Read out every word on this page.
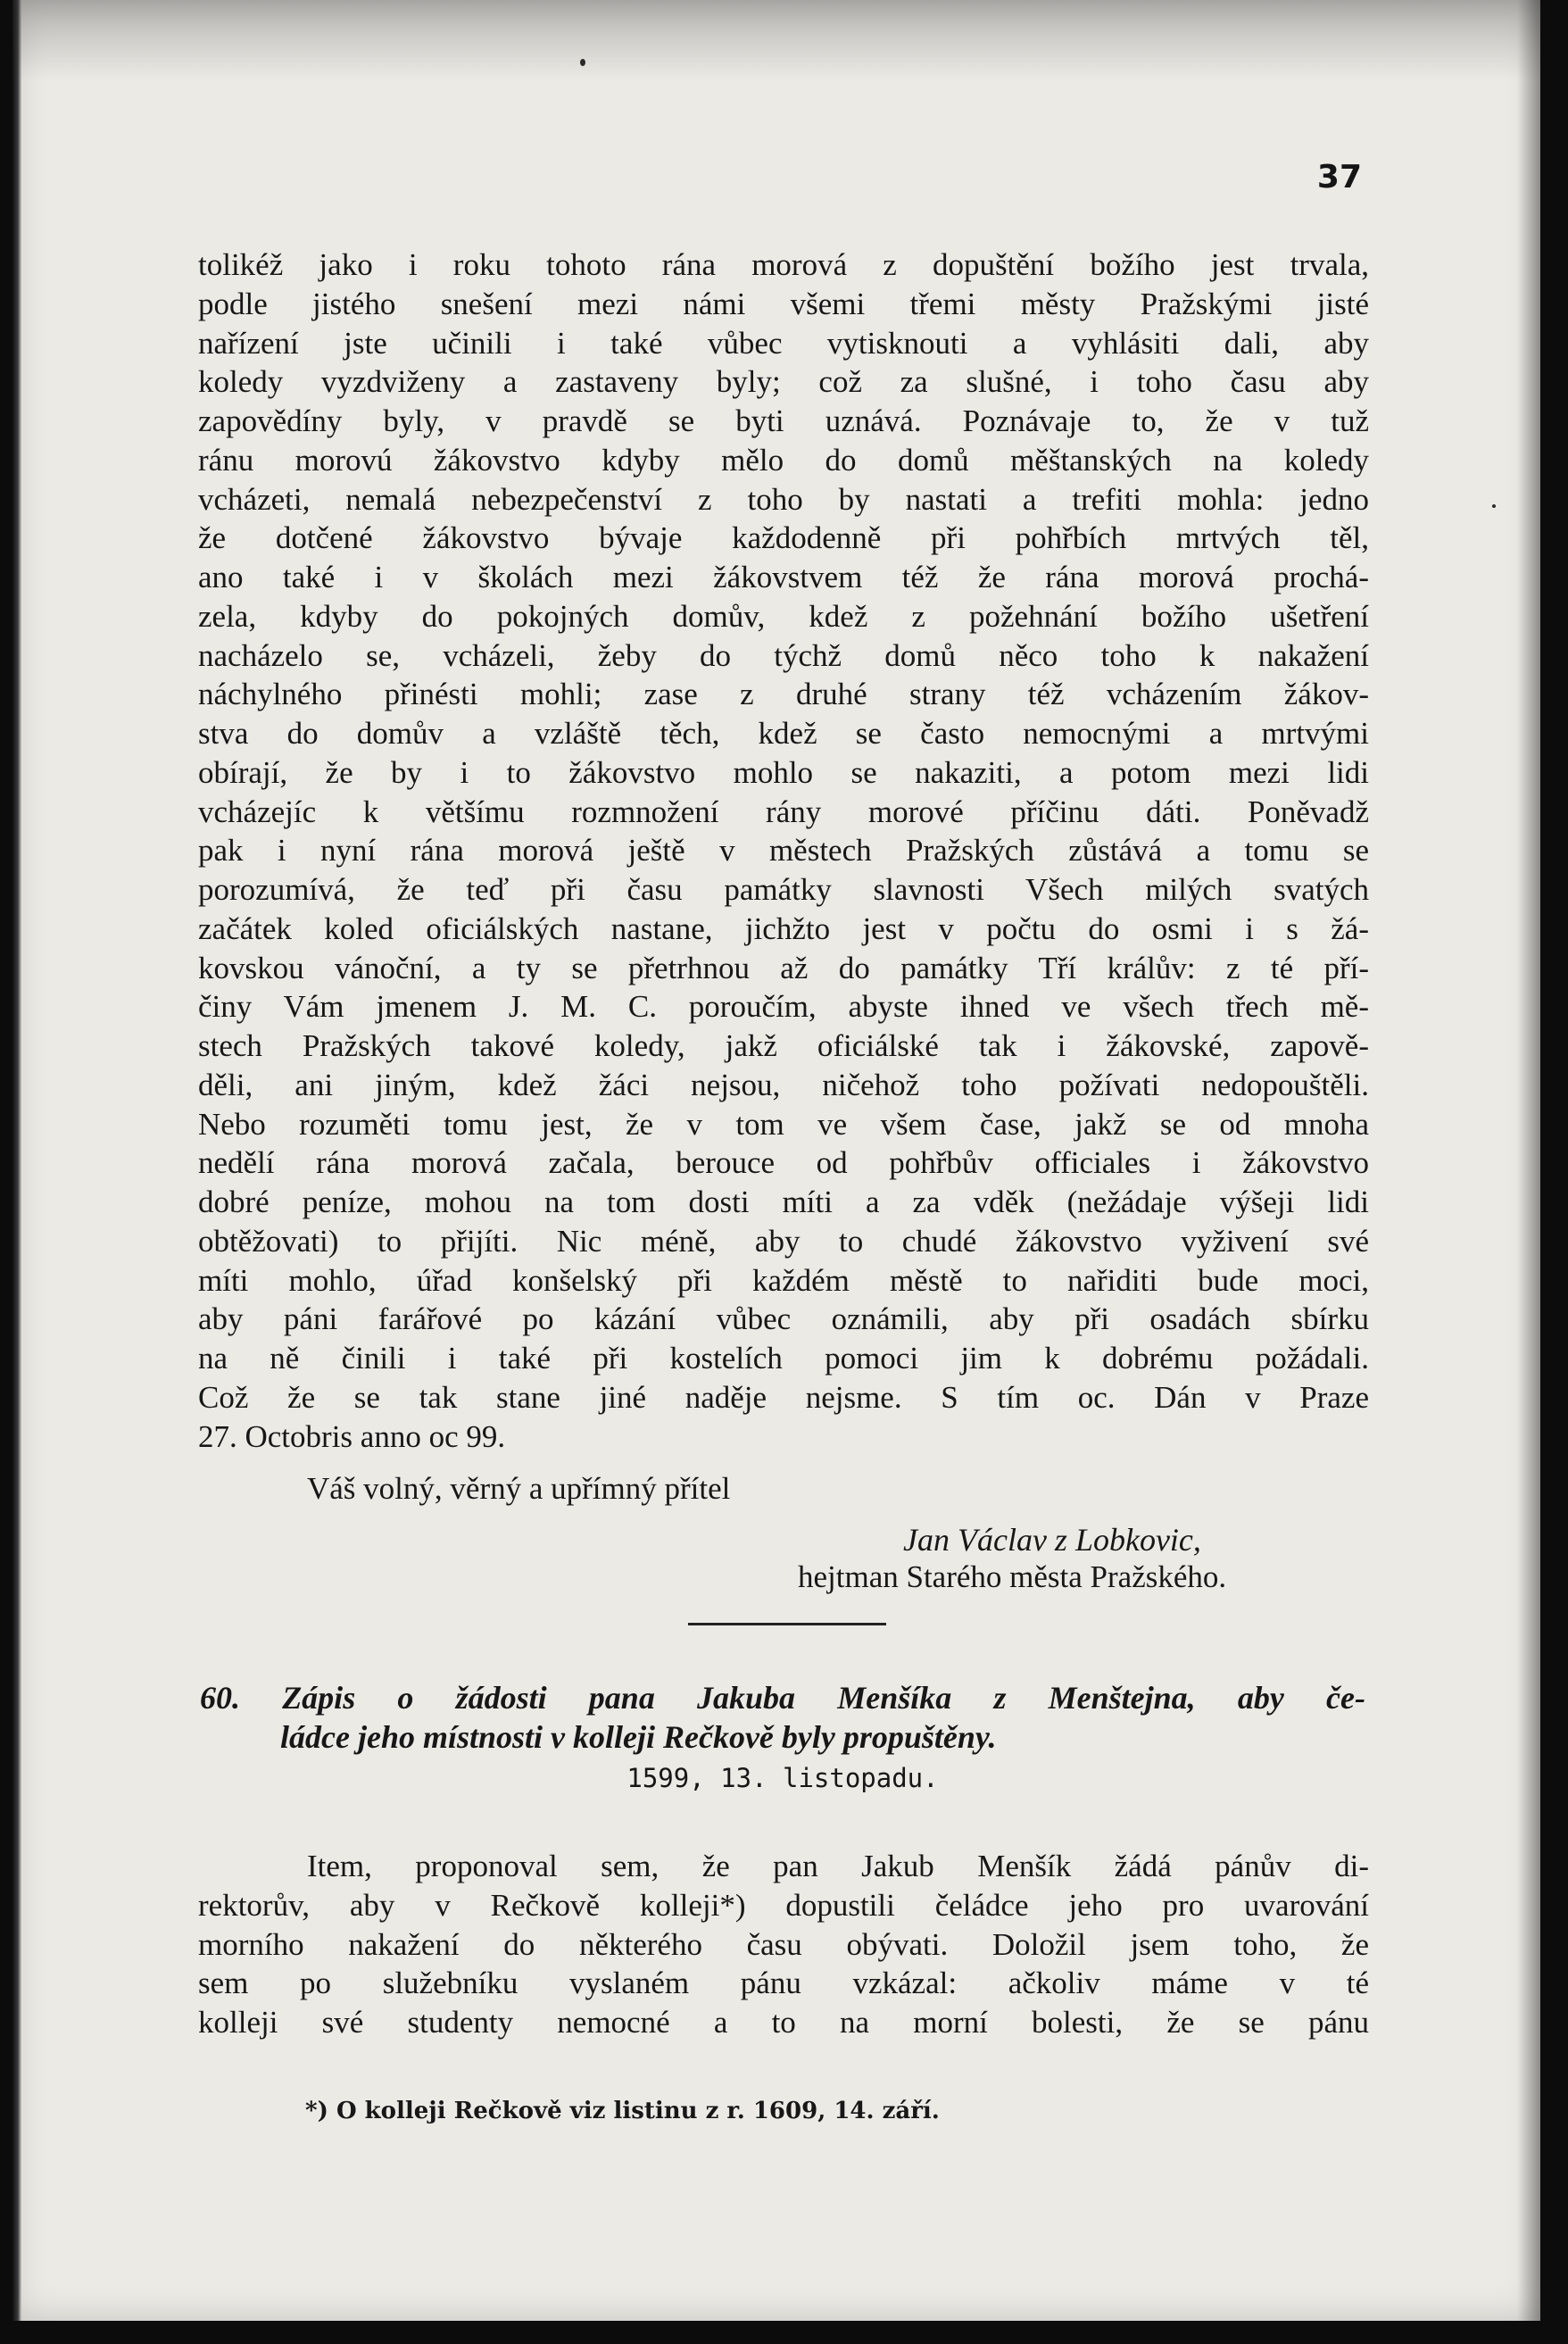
37
tolikéž jako i roku tohoto rána morová z dopuštění božího jest trvala,
podle jistého snešení mezi námi všemi třemi městy Pražskými jisté
nařízení jste učinili i také vůbec vytisknouti a vyhlásiti dali, aby
koledy vyzdviženy a zastaveny byly; což za slušné, i toho času aby
zapovědíny byly, v pravdě se byti uznává. Poznávaje to, že v tuž
ránu morovú žákovstvo kdyby mělo do domů měštanských na koledy
vcházeti, nemalá nebezpečenství z toho by nastati a trefiti mohla: jedno
že dotčené žákovstvo bývaje každodenně při pohřbích mrtvých těl,
ano také i v školách mezi žákovstvem též že rána morová prochá-
zela, kdyby do pokojných domův, kdež z požehnání božího ušetření
nacházelo se, vcházeli, žeby do týchž domů něco toho k nakažení
náchylného přinésti mohli; zase z druhé strany též vcházením žákov-
stva do domův a vzláště těch, kdež se často nemocnými a mrtvými
obírají, že by i to žákovstvo mohlo se nakaziti, a potom mezi lidi
vcházejíc k většímu rozmnožení rány morové příčinu dáti. Poněvadž
pak i nyní rána morová ještě v městech Pražských zůstává a tomu se
porozumívá, že teď při času památky slavnosti Všech milých svatých
začátek koled oficiálských nastane, jichžto jest v počtu do osmi i s žá-
kovskou vánoční, a ty se přetrhnou až do památky Tří králův: z té pří-
činy Vám jmenem J. M. C. poroučím, abyste ihned ve všech třech mě-
stech Pražských takové koledy, jakž oficiálské tak i žákovské, zapově-
děli, ani jiným, kdež žáci nejsou, ničehož toho požívati nedopouštěli.
Nebo rozuměti tomu jest, že v tom ve všem čase, jakž se od mnoha
nedělí rána morová začala, berouce od pohřbův officiales i žákovstvo
dobré peníze, mohou na tom dosti míti a za vděk (nežádaje výšeji lidi
obtěžovati) to přijíti. Nic méně, aby to chudé žákovstvo vyživení své
míti mohlo, úřad konšelský při každém městě to nařiditi bude moci,
aby páni farářové po kázání vůbec oznámili, aby při osadách sbírku
na ně činili i také při kostelích pomoci jim k dobrému požádali.
Což že se tak stane jiné naděje nejsme. S tím oc. Dán v Praze
27. Octobris anno oc 99.
Váš volný, věrný a upřímný přítel
Jan Václav z Lobkovic,
hejtman Starého města Pražského.
60. Zápis o žádosti pana Jakuba Menšíka z Menštejna, aby če-
ládce jeho místnosti v kolleji Rečkově byly propuštěny.
1599, 13. listopadu.
Item, proponoval sem, že pan Jakub Menšík žádá pánův di-
rektorův, aby v Rečkově kolleji*) dopustili čeládce jeho pro uvarování
morního nakažení do některého času obývati. Doložil jsem toho, že
sem po služebníku vyslaném pánu vzkázal: ačkoliv máme v té
kolleji své studenty nemocné a to na morní bolesti, že se pánu
*) O kolleji Rečkově viz listinu z r. 1609, 14. září.
